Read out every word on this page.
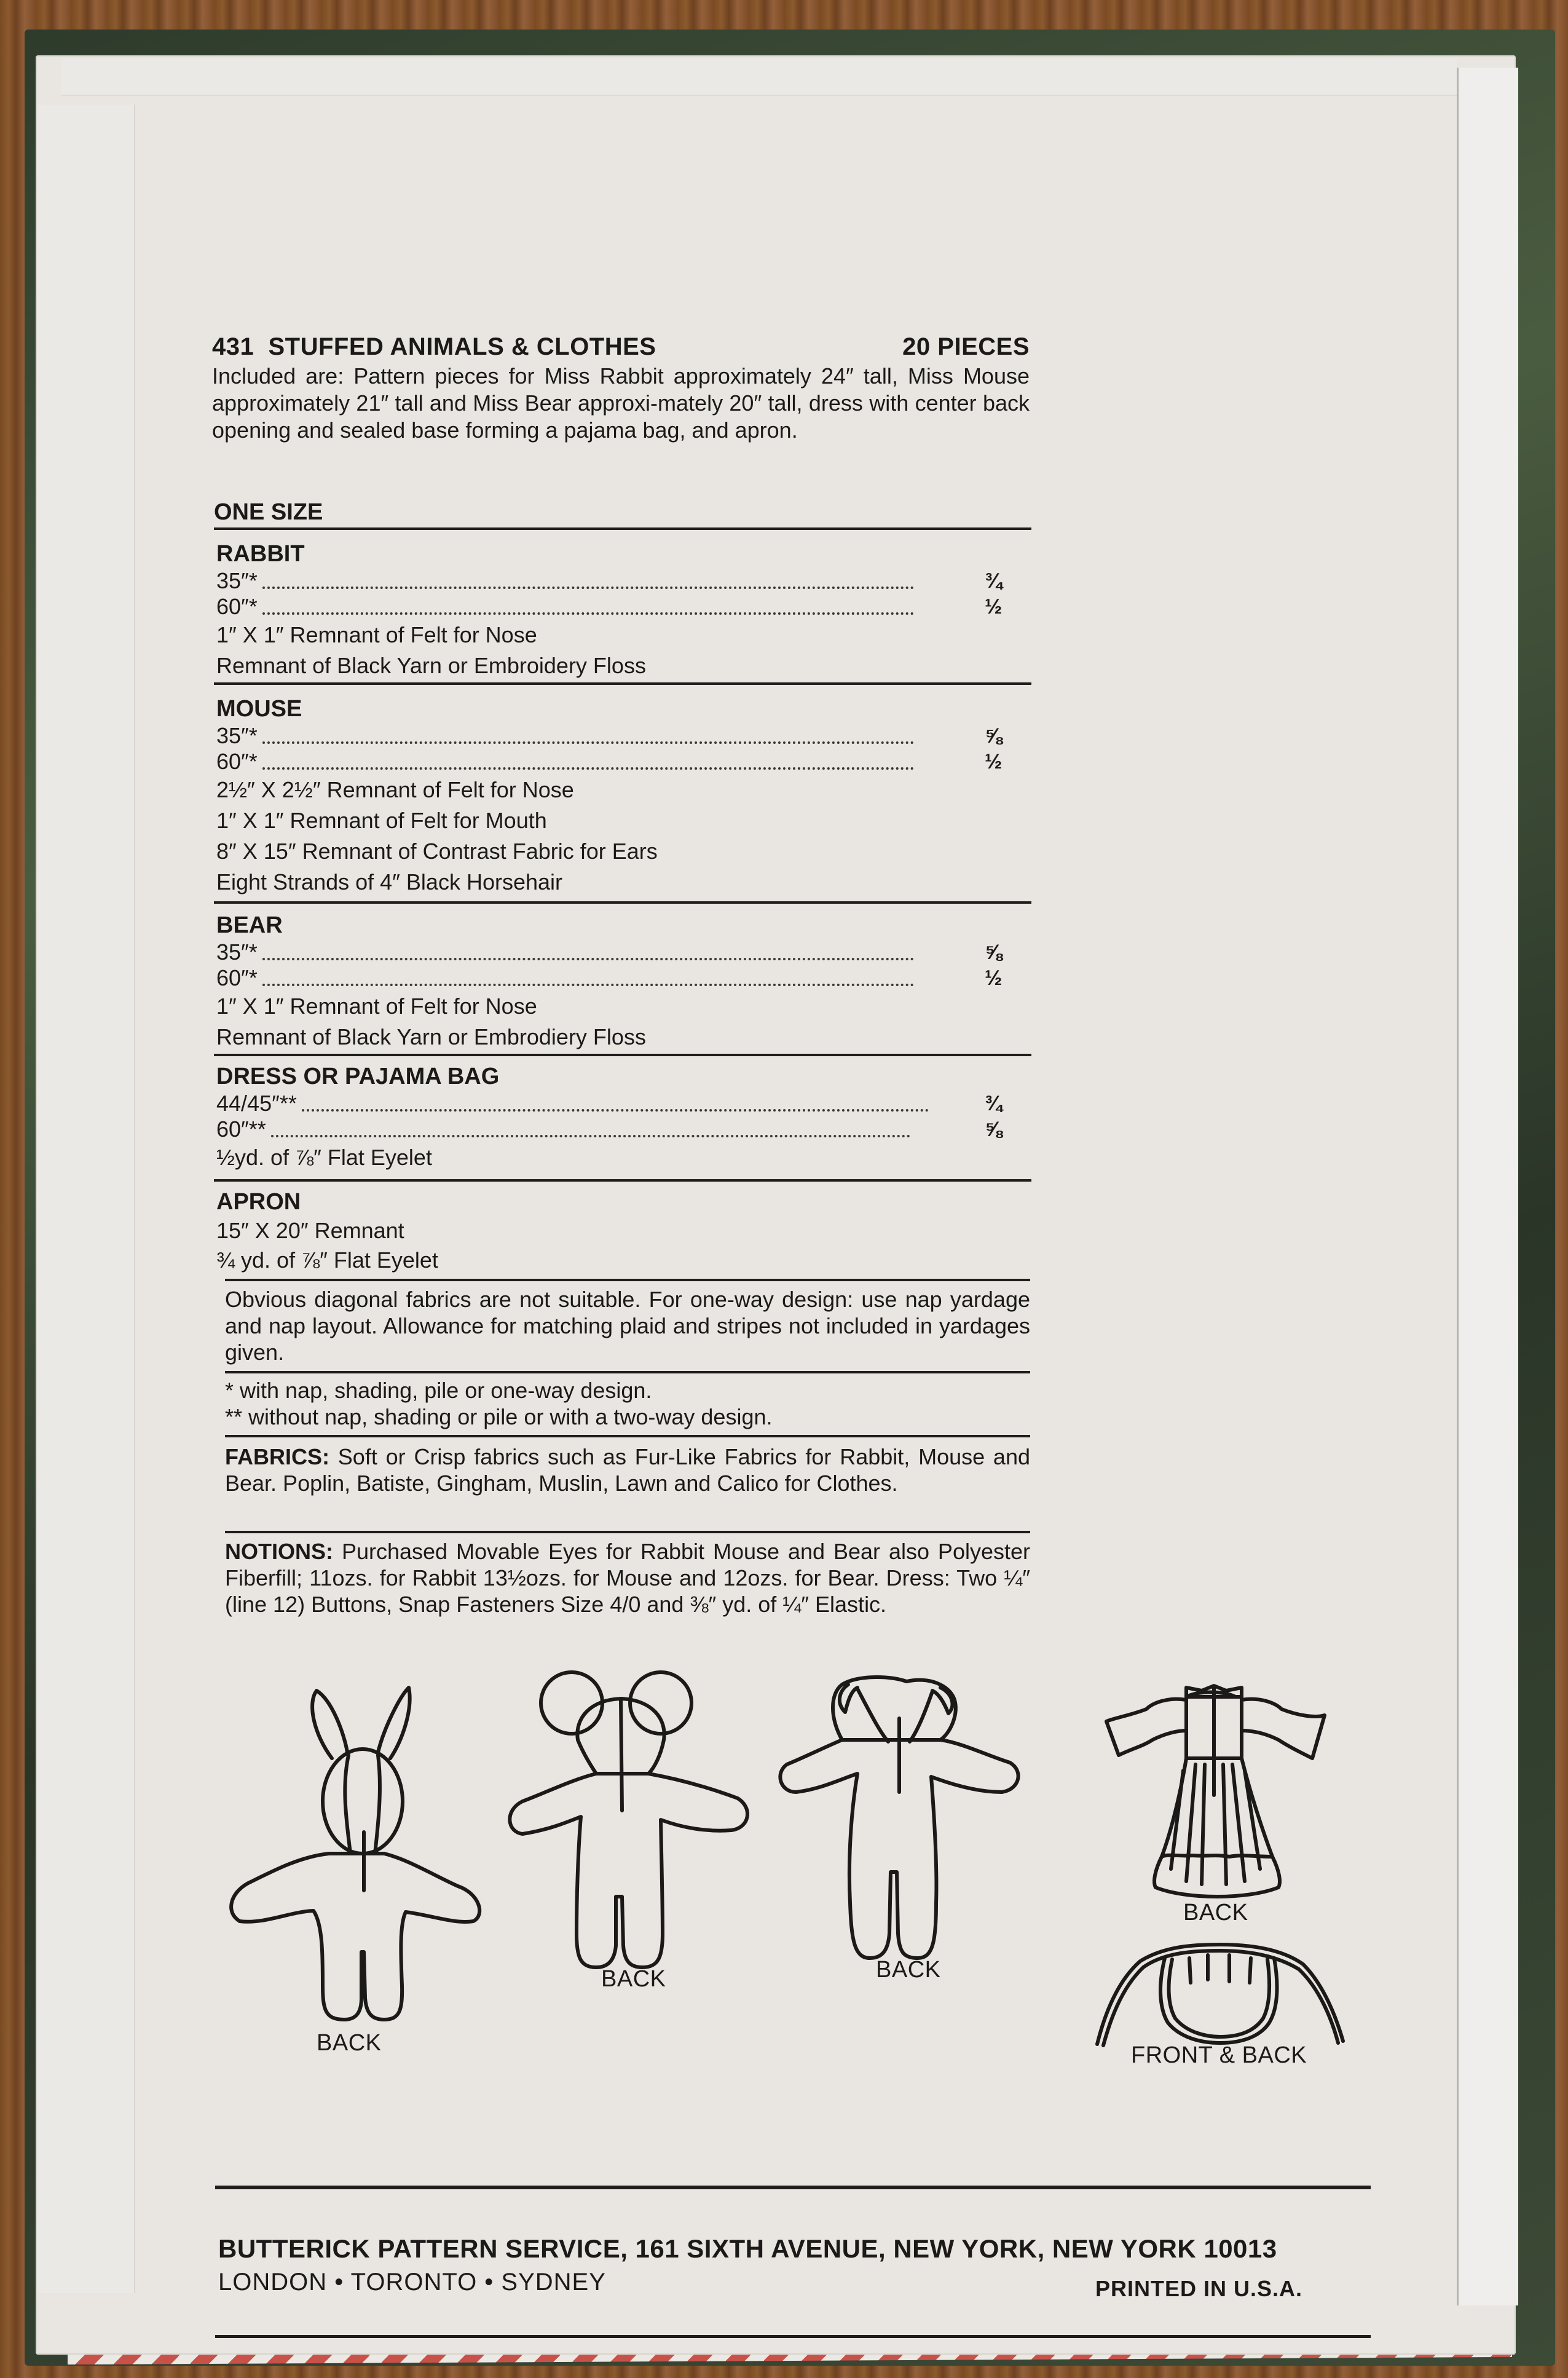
431 STUFFED ANIMALS & CLOTHES	20 PIECES
Included are: Pattern pieces for Miss Rabbit approximately 24″ tall, Miss Mouse approximately 21″ tall and Miss Bear approxi-mately 20″ tall, dress with center back opening and sealed base forming a pajama bag, and apron.
ONE SIZE
RABBIT
35″*	¾
60″*	½
1″ X 1″ Remnant of Felt for Nose
Remnant of Black Yarn or Embroidery Floss
MOUSE
35″*	⅝
60″*	½
2½″ X 2½″ Remnant of Felt for Nose
1″ X 1″ Remnant of Felt for Mouth
8″ X 15″ Remnant of Contrast Fabric for Ears
Eight Strands of 4″ Black Horsehair
BEAR
35″*	⅝
60″*	½
1″ X 1″ Remnant of Felt for Nose
Remnant of Black Yarn or Embrodiery Floss
DRESS OR PAJAMA BAG
44/45″**	¾
60″**	⅝
½yd. of ⅞″ Flat Eyelet
APRON
15″ X 20″ Remnant
¾ yd. of ⅞″ Flat Eyelet
Obvious diagonal fabrics are not suitable. For one-way design: use nap yardage and nap layout. Allowance for matching plaid and stripes not included in yardages given.
* with nap, shading, pile or one-way design.
** without nap, shading or pile or with a two-way design.
FABRICS: Soft or Crisp fabrics such as Fur-Like Fabrics for Rabbit, Mouse and Bear. Poplin, Batiste, Gingham, Muslin, Lawn and Calico for Clothes.
NOTIONS: Purchased Movable Eyes for Rabbit Mouse and Bear also Polyester Fiberfill; 11ozs. for Rabbit 13½ozs. for Mouse and 12ozs. for Bear. Dress: Two ¼″ (line 12) Buttons, Snap Fasteners Size 4/0 and ⅜″ yd. of ¼″ Elastic.
BACK
BACK	BACK
BACK
FRONT & BACK
BUTTERICK PATTERN SERVICE, 161 SIXTH AVENUE, NEW YORK, NEW YORK 10013
LONDON • TORONTO • SYDNEY	PRINTED IN U.S.A.
